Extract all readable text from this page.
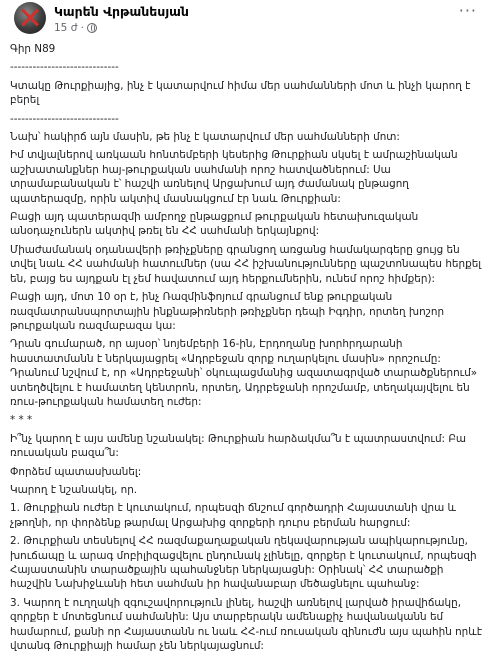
Կարեն Վրթանեսյան
15 ժ ·
···

Գիր N89

-----------------------------

Կտակը Թուրքիայից, ինչ է կատարվում հիմա մեր սահմանների մոտ և ինչի կարող է բերել

-----------------------------

Նախ՝ հակիրճ այն մասին, թե ինչ է կատարվում մեր սահմանների մոտ:

Իմ տվյալներով առկաան հոնտեմբերի կեսերից Թուրքիան սկսել է ամրաշինական աշխատանքներ հայ-թուրքական սահմանի որոշ հատվածներում: Սա տրամաբանական է՝ հաշվի առնելով Արցախում այդ ժամանակ ընթացող պատերազմը, որին ակտիվ մասնակցում էր նաև Թուրքիան:

Բացի այդ պատերազմի ամբողջ ընթացքում թուրքական հետախուզական անօդաչուներն ակտիվ թռել են ՀՀ սահմանի երկայնքով:

Միաժամանակ օդանավերի թռիչքները գրանցող առցանց համակարգերը ցույց են տվել նաև ՀՀ սահմանի հատումներ (սա ՀՀ իշխանությունները պաշտոնապես հերքել են, բայց ես այդքան էլ չեմ հավատում այդ հերքումներին, ունեմ որոշ հիմքեր):

Բացի այդ, մոտ 10 օր է, ինչ Ռազմինֆոյում գրանցում ենք թուրքական ռազմատրանսպորտային ինքնաթիռների թռիչքներ դեպի Իգդիր, որտեղ խոշոր թուրքական ռազմաբազա կա:

Դրան գումարած, որ այսօր՝ նոյեմբերի 16-ին, Էրդողանը խորհրդարանի հաստատմանն է ներկայացրել «Ադրբեջան զորք ուղարկելու մասին» որոշումը: Դրանում նշվում է, որ «Ադրբեջանի՝ օկուպացմանից ազատագրված տարածքներում» ստեղծվելու է համատեղ կենտրոն, որտեղ, Ադրբեջանի որոշմամբ, տեղակայվելու են ռուս-թուրքական համատեղ ուժեր:

* * *

Ի՞նչ կարող է այս ամենը նշանակել: Թուրքիան հարձակմա՞ն է պատրաստվում: Բա ռուսական բազա՞ն:

Փորձեմ պատասխանել:

Կարող է նշանակել, որ.

1. Թուրքիան ուժեր է կուտակում, որպեսզի ճնշում գործադրի Հայաստանի վրա և չթողնի, որ փորձենք թարմալ Արցախից զորքերի դուրս բերման հարցում:

2. Թուրքիան տեսնելով ՀՀ ռազմաքաղաքական ղեկավարության ապիկարությունը, խուճապը և արագ մոբիլիզացվելու ընդունակ չլինելը, զորքեր է կուտակում, որպեսզի Հայաստանին տարածքային պահանջներ ներկայացնի: Օրինակ՝ ՀՀ տարածքի հաշվին Նախիջևանի հետ սահման իր հավանաբար մեծացնելու պահանջ:

3. Կարող է ուղղակի զգուշավորություն լինել, հաշվի առնելով լարված իրավիճակը, զորքեր է մոտեցնում սահմանին: Այս տարբերակն ամենաքիչ հավանականն եմ համարում, քանի որ Հայաստանն ու նաև ՀՀ-ում ռուսական զինուժն այս պահին որևէ վտանգ Թուրքիայի համար չեն ներկայացնում:
